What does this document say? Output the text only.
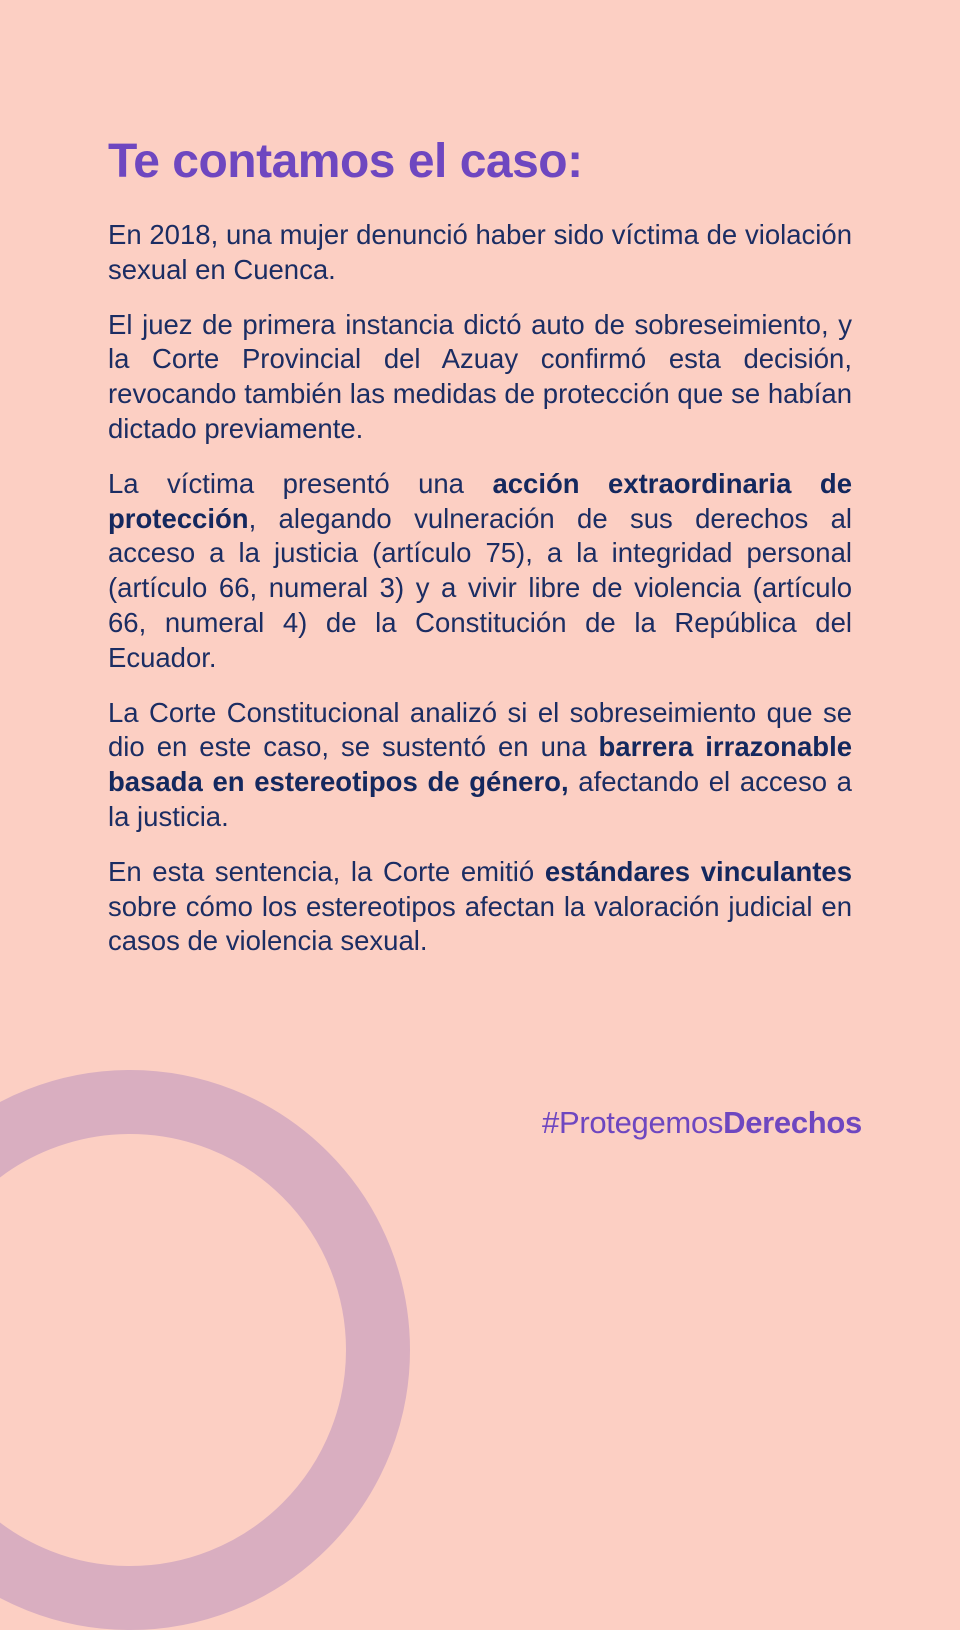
Te contamos el caso:

En 2018, una mujer denunció haber sido víctima de violación sexual en Cuenca.

El juez de primera instancia dictó auto de sobreseimiento, y la Corte Provincial del Azuay confirmó esta decisión, revocando también las medidas de protección que se habían dictado previamente.

La víctima presentó una acción extraordinaria de protección, alegando vulneración de sus derechos al acceso a la justicia (artículo 75), a la integridad personal (artículo 66, numeral 3) y a vivir libre de violencia (artículo 66, numeral 4) de la Constitución de la República del Ecuador.

La Corte Constitucional analizó si el sobreseimiento que se dio en este caso, se sustentó en una barrera irrazonable basada en estereotipos de género, afectando el acceso a la justicia.

En esta sentencia, la Corte emitió estándares vinculantes sobre cómo los estereotipos afectan la valoración judicial en casos de violencia sexual.

#ProtegemosDerechos
